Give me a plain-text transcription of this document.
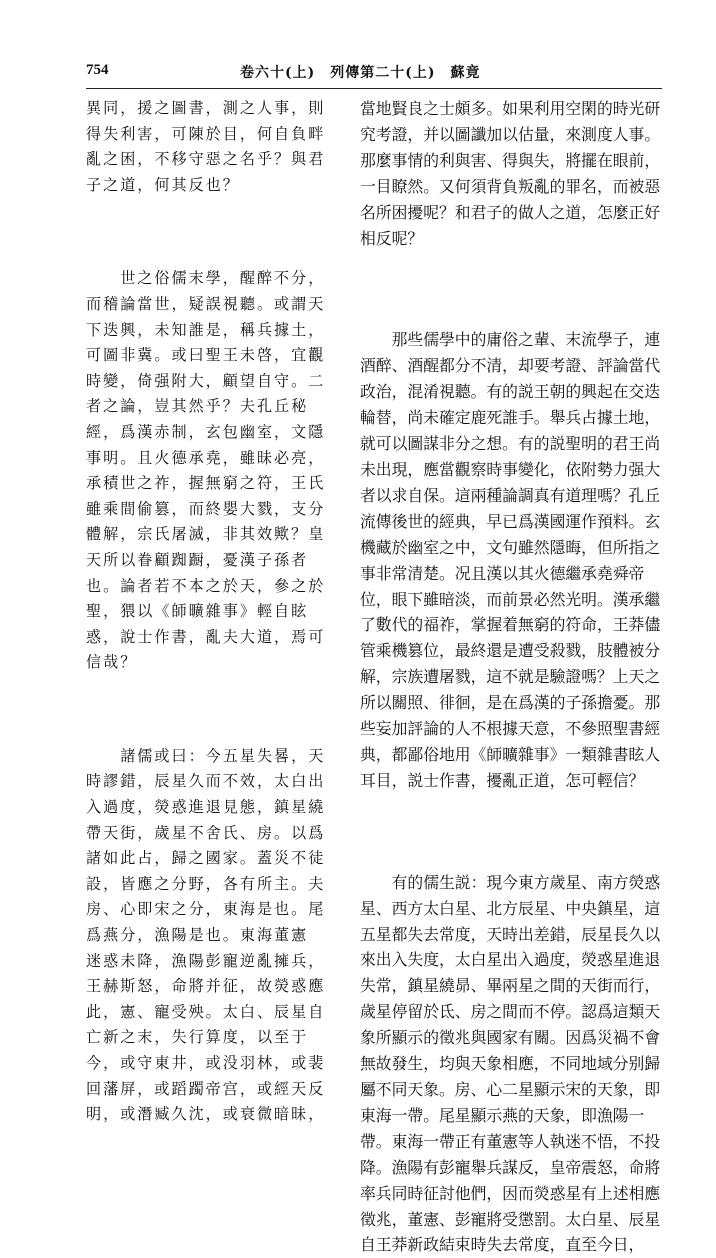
754	卷六十(上)　列傳第二十(上)　蘇竟

異同，援之圖書，測之人事，則

得失利害，可陳於目，何自負畔

亂之困，不移守惡之名乎？與君

子之道，何其反也？

　　世之俗儒末學，醒醉不分，

而稽論當世，疑誤視聽。或謂天

下迭興，未知誰是，稱兵據土，

可圖非冀。或曰聖王未啓，宜觀

時變，倚强附大，顧望自守。二

者之論，豈其然乎？夫孔丘秘

經，爲漢赤制，玄包幽室，文隱

事明。且火德承堯，雖昧必亮，

承積世之祚，握無窮之符，王氏

雖乘間偷篡，而終嬰大戮，支分

體解，宗氏屠滅，非其效歟？皇

天所以眷顧踟蹰，憂漢子孫者

也。論者若不本之於天，參之於

聖，猥以《師曠雜事》輕自眩

惑，說士作書，亂夫大道，焉可

信哉？

　　諸儒或曰：今五星失晷，天

時謬錯，辰星久而不效，太白出

入過度，熒惑進退見態，鎮星繞

帶天街，歲星不舍氏、房。以爲

諸如此占，歸之國家。蓋災不徒

設，皆應之分野，各有所主。夫

房、心即宋之分，東海是也。尾

爲燕分，漁陽是也。東海董憲

迷惑未降，漁陽彭寵逆亂擁兵，

王赫斯怒，命將并征，故熒惑應

此，憲、寵受殃。太白、辰星自

亡新之末，失行算度，以至于

今，或守東井，或没羽林，或裴

回藩屏，或蹈躅帝宫，或經天反

明，或潛臧久沈，或衰微暗昧，

當地賢良之士頗多。如果利用空閑的時光研

究考證，并以圖讖加以估量，來測度人事。

那麼事情的利與害、得與失，將擺在眼前，

一目瞭然。又何須背負叛亂的罪名，而被惡

名所困擾呢？和君子的做人之道，怎麼正好

相反呢？

　　那些儒學中的庸俗之輩、末流學子，連

酒醉、酒醒都分不清，却要考證、評論當代

政治，混淆視聽。有的説王朝的興起在交迭

輪替，尚未確定鹿死誰手。舉兵占據土地，

就可以圖謀非分之想。有的説聖明的君王尚

未出現，應當觀察時事變化，依附勢力强大

者以求自保。這兩種論調真有道理嗎？孔丘

流傳後世的經典，早已爲漢國運作預料。玄

機藏於幽室之中，文句雖然隱晦，但所指之

事非常清楚。况且漢以其火德繼承堯舜帝

位，眼下雖暗淡，而前景必然光明。漢承繼

了數代的福祚，掌握着無窮的符命，王莽儘

管乘機篡位，最終還是遭受殺戮，肢體被分

解，宗族遭屠戮，這不就是驗證嗎？上天之

所以關照、徘徊，是在爲漢的子孫擔憂。那

些妄加評論的人不根據天意，不參照聖書經

典，都鄙俗地用《師曠雜事》一類雜書眩人

耳目，説士作書，擾亂正道，怎可輕信？

　　有的儒生説：現今東方歲星、南方熒惑

星、西方太白星、北方辰星、中央鎮星，這

五星都失去常度，天時出差錯，辰星長久以

來出入失度，太白星出入過度，熒惑星進退

失常，鎮星繞昴、畢兩星之間的天街而行，

歲星停留於氐、房之間而不停。認爲這類天

象所顯示的徵兆與國家有關。因爲災禍不會

無故發生，均與天象相應，不同地域分别歸

屬不同天象。房、心二星顯示宋的天象，即

東海一帶。尾星顯示燕的天象，即漁陽一

帶。東海一帶正有董憲等人執迷不悟，不投

降。漁陽有彭寵舉兵謀反，皇帝震怒，命將

率兵同時征討他們，因而熒惑星有上述相應

徵兆，董憲、彭寵將受懲罰。太白星、辰星

自王莽新政結束時失去常度，直至今日，
